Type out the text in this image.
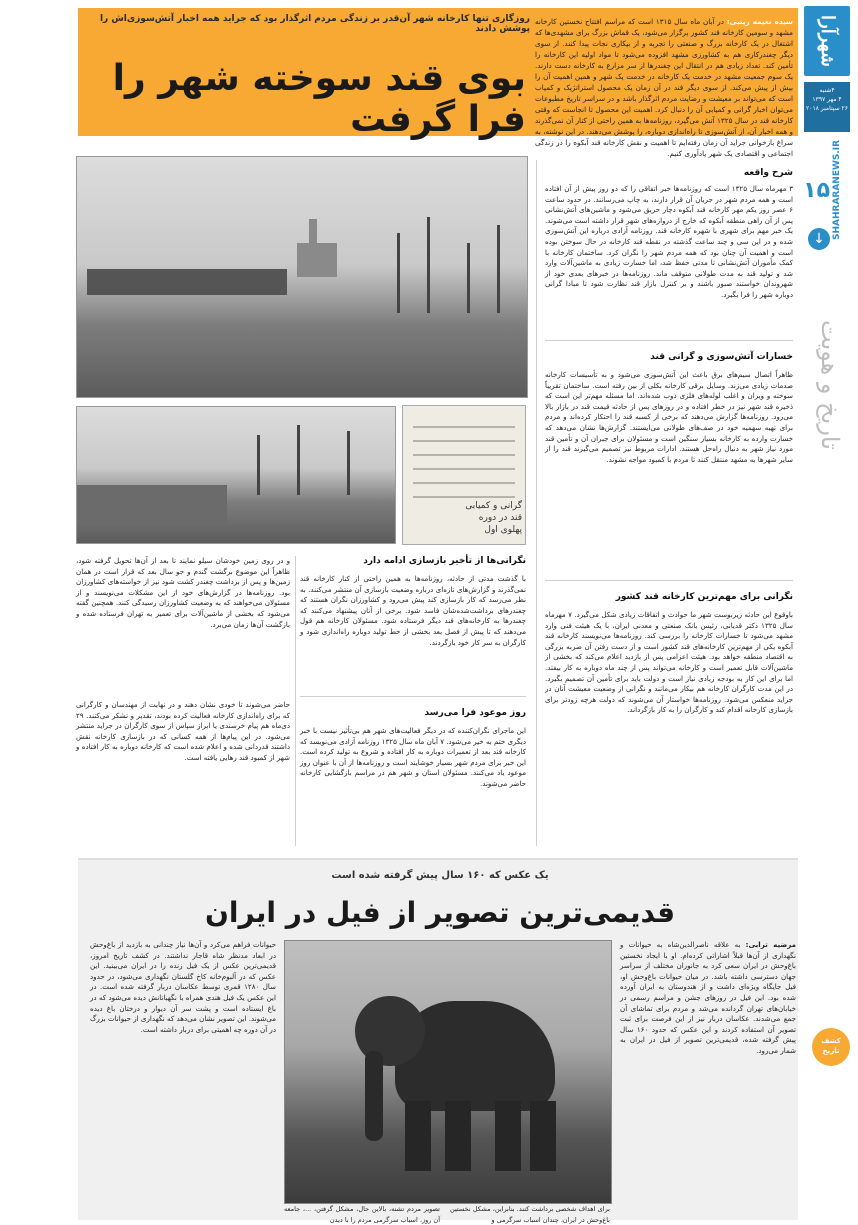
شهرآرا
۴شنبه
۴ مهر ۱۳۹۷
۲۶ سپتامبر ۲۰۱۸
SHAHRARANEWS.IR
۱۵
↓
تاریخ و هویت
روزگاری تنها کارخانه شهر آن‌قدر بر زندگی مردم اثرگذار بود که جراید همه اخبار آتش‌سوزی‌اش را پوشش دادند
بوی قند سوخته شهر را فرا گرفت
سیده نعیمه زینبی: در آبان ماه سال ۱۳۱۵ است که مراسم افتتاح نخستین کارخانه مشهد و سومین کارخانه قند کشور برگزار می‌شود، یک قماش بزرگ برای مشهدی‌ها که اشتغال در یک کارخانه بزرگ و صنعتی را تجربه و از بیکاری نجات پیدا کنند. از سوی دیگر چغندرکاری هم به کشاورزی مشهد افزوده می‌شود تا مواد اولیه این کارخانه را تأمین کند. تعداد زیادی هم در انتقال این چغندرها از سر مزارع به کارخانه دست دارند. یک سوم جمعیت مشهد در خدمت یک کارخانه در خدمت یک شهر و همین اهمیت آن را بیش از پیش می‌کند. از سوی دیگر قند در آن زمان یک محصول استراتژیک و کمیاب است که می‌تواند بر معیشت و رضایت مردم اثرگذار باشد و در سراسر تاریخ مطبوعات می‌توان اخبار گرانی و کمیابی آن را دنبال کرد. اهمیت این محصول تا انجاست که وقتی کارخانه قند در سال ۱۳۲۵ آتش می‌گیرد، روزنامه‌ها به همین راحتی از کنار آن نمی‌گذرند و همه اخبار آن، از آتش‌سوزی تا راه‌اندازی دوباره، را پوشش می‌دهند. در این نوشته، به سراغ بازخوانی جراید آن زمان رفته‌ایم تا اهمیت و نقش کارخانه قند آبکوه را در زندگی اجتماعی و اقتصادی یک شهر یادآوری کنیم.
گرانی و کمیابی قند در دوره پهلوی اول
شرح واقعه
۳ مهرماه سال ۱۳۲۵ است که روزنامه‌ها خبر اتفاقی را که دو روز پیش از آن افتاده است و همه مردم شهر در جریان آن قرار دارند، به چاپ می‌رسانند. در حدود ساعت ۶ عصر روز یکم مهر کارخانه قند آبکوه دچار حریق می‌شود و ماشین‌های آتش‌نشانی پس از آن راهی منطقه آبکوه که خارج از دروازه‌های شهر قرار داشته است می‌شوند. یک خبر مهم برای شهری با شهره کارخانه قند. روزنامه آزادی درباره این آتش‌سوزی شده و در این سی و چند ساعت گذشته در نقطه قند کارخانه در حال سوختن بوده است و اهمیت آن چنان بود که همه مردم شهر را نگران کرد. ساختمان کارخانه با کمک مأموران آتش‌نشانی تا مدتی حفظ شد، اما خسارت زیادی به ماشین‌آلات وارد شد و تولید قند به مدت طولانی متوقف ماند. روزنامه‌ها در خبرهای بعدی خود از شهروندان خواستند صبور باشند و بر کنترل بازار قند نظارت شود تا مبادا گرانی دوباره شهر را فرا بگیرد.
خسارات آتش‌سوزی و گرانی قند
ظاهراً اتصال سیم‌های برق باعث این آتش‌سوزی می‌شود و به تأسیسات کارخانه صدمات زیادی می‌زند. وسایل برقی کارخانه بکلی از بین رفته است. ساختمان تقریباً سوخته و ویران و اغلب لوله‌های فلزی ذوب شده‌اند. اما مسئله مهم‌تر این است که ذخیره قند شهر نیز در خطر افتاده و در روزهای پس از حادثه قیمت قند در بازار بالا می‌رود. روزنامه‌ها گزارش می‌دهند که برخی از کسبه قند را احتکار کرده‌اند و مردم برای تهیه سهمیه خود در صف‌های طولانی می‌ایستند. گزارش‌ها نشان می‌دهد که خسارت وارده به کارخانه بسیار سنگین است و مسئولان برای جبران آن و تأمین قند مورد نیاز شهر به دنبال راه‌حل هستند. ادارات مربوط نیز تصمیم می‌گیرند قند را از سایر شهرها به مشهد منتقل کنند تا مردم با کمبود مواجه نشوند.
نگرانی برای مهم‌ترین کارخانه قند کشور
باوقوع این حادثه زیربوست شهر ما حوادث و اتفاقات زیادی شکل می‌گیرد. ۷ مهرماه سال ۱۳۲۵ دکتر قدیانی، رئیس بانک صنعتی و معدنی ایران، با یک هیئت فنی وارد مشهد می‌شود تا خسارات کارخانه را بررسی کند. روزنامه‌ها می‌نویسند کارخانه قند آبکوه یکی از مهم‌ترین کارخانه‌های قند کشور است و از دست رفتن آن ضربه بزرگی به اقتصاد منطقه خواهد بود. هیئت اعزامی پس از بازدید اعلام می‌کند که بخشی از ماشین‌آلات قابل تعمیر است و کارخانه می‌تواند پس از چند ماه دوباره به کار بیفتد. اما برای این کار به بودجه زیادی نیاز است و دولت باید برای تأمین آن تصمیم بگیرد. در این مدت کارگران کارخانه هم بیکار می‌مانند و نگرانی از وضعیت معیشت آنان در جراید منعکس می‌شود. روزنامه‌ها خواستار آن می‌شوند که دولت هرچه زودتر برای بازسازی کارخانه اقدام کند و کارگران را به کار بازگرداند.
نگرانی‌ها از تأخیر بازسازی ادامه دارد
با گذشت مدتی از حادثه، روزنامه‌ها به همین راحتی از کنار کارخانه قند نمی‌گذرند و گزارش‌های تازه‌ای درباره وضعیت بازسازی آن منتشر می‌کنند. به نظر می‌رسد که کار بازسازی کند پیش می‌رود و کشاورزان نگران هستند که چغندرهای برداشت‌شده‌شان فاسد شود. برخی از آنان پیشنهاد می‌کنند که چغندرها به کارخانه‌های قند دیگر فرستاده شود. مسئولان کارخانه هم قول می‌دهند که تا پیش از فصل بعد بخشی از خط تولید دوباره راه‌اندازی شود و کارگران به سر کار خود بازگردند.
و در روی زمین خودشان سیلو نمایند تا بعد از آن‌ها تحویل گرفته شود، ظاهراً این موضوع برگشت گندم و جو سال بعد که قرار است در همان زمین‌ها و پس از برداشت چغندر کشت شود نیز از خواسته‌های کشاورزان بود. روزنامه‌ها در گزارش‌های خود از این مشکلات می‌نویسند و از مسئولان می‌خواهند که به وضعیت کشاورزان رسیدگی کنند. همچنین گفته می‌شود که بخشی از ماشین‌آلات برای تعمیر به تهران فرستاده شده و بازگشت آن‌ها زمان می‌برد.
روز موعود فرا می‌رسد
این ماجرای نگران‌کننده که در دیگر فعالیت‌های شهر هم بی‌تأثیر نیست با خبر دیگری ختم به خیر می‌شود. ۷ آبان ماه سال ۱۳۲۵ روزنامه آزادی می‌نویسد که کارخانه قند بعد از تعمیرات دوباره به کار افتاده و شروع به تولید کرده است. این خبر برای مردم شهر بسیار خوشایند است و روزنامه‌ها از آن با عنوان روز موعود یاد می‌کنند. مسئولان استان و شهر هم در مراسم بازگشایی کارخانه حاضر می‌شوند.
حاضر می‌شوند تا خودی نشان دهند و در نهایت از مهندسان و کارگرانی که برای راه‌اندازی کارخانه فعالیت کرده بودند، تقدیر و تشکر می‌کنند. ۲۹ دی‌ماه هم پیام خرسندی یا ابراز سپاس از سوی کارگران در جراید منتشر می‌شود. در این پیام‌ها از همه کسانی که در بازسازی کارخانه نقش داشتند قدردانی شده و اعلام شده است که کارخانه دوباره به کار افتاده و شهر از کمبود قند رهایی یافته است.
یک عکس که ۱۶۰ سال پیش گرفته شده است
قدیمی‌ترین تصویر از فیل در ایران
مرضیه ترابی: به علاقه ناصرالدین‌شاه به حیوانات و نگهداری از آن‌ها قبلاً اشاراتی کرده‌ام. او با ایجاد نخستین باغ‌وحش در ایران سعی کرد به جانوران مختلف از سراسر جهان دسترسی داشته باشد. در میان حیوانات باغ‌وحش او، فیل جایگاه ویژه‌ای داشت و از هندوستان به ایران آورده شده بود. این فیل در روزهای جشن و مراسم رسمی در خیابان‌های تهران گردانده می‌شد و مردم برای تماشای آن جمع می‌شدند. عکاسان دربار نیز از این فرصت برای ثبت تصویر آن استفاده کردند و این عکس که حدود ۱۶۰ سال پیش گرفته شده، قدیمی‌ترین تصویر از فیل در ایران به شمار می‌رود.
حیوانات فراهم می‌کرد و آن‌ها نیاز چندانی به بازدید از باغ‌وحش در ابعاد مدنظر شاه قاجار نداشتند. در کشف تاریخ امروز، قدیمی‌ترین عکس از یک فیل زنده را در ایران می‌بینید. این عکس که در آلبوم‌خانه کاخ گلستان نگهداری می‌شود، در حدود سال ۱۲۸۰ قمری توسط عکاسان دربار گرفته شده است. در این عکس یک فیل هندی همراه با نگهبانانش دیده می‌شود که در باغ ایستاده است و پشت سر آن دیوار و درختان باغ دیده می‌شوند. این تصویر نشان می‌دهد که نگهداری از حیوانات بزرگ در آن دوره چه اهمیتی برای دربار داشته است.
تصویر مردم تشنه، بالاین حال، مشکل گرفتن، ...، جامعه آن روز، اسباب سرگرمی مردم را با دیدن
برای اهداف شخصی برداشت کنند. بنابراین، مشکل نخستین باغ‌وحش در ایران، چندان اسباب سرگرمی و
کشف تاریخ
